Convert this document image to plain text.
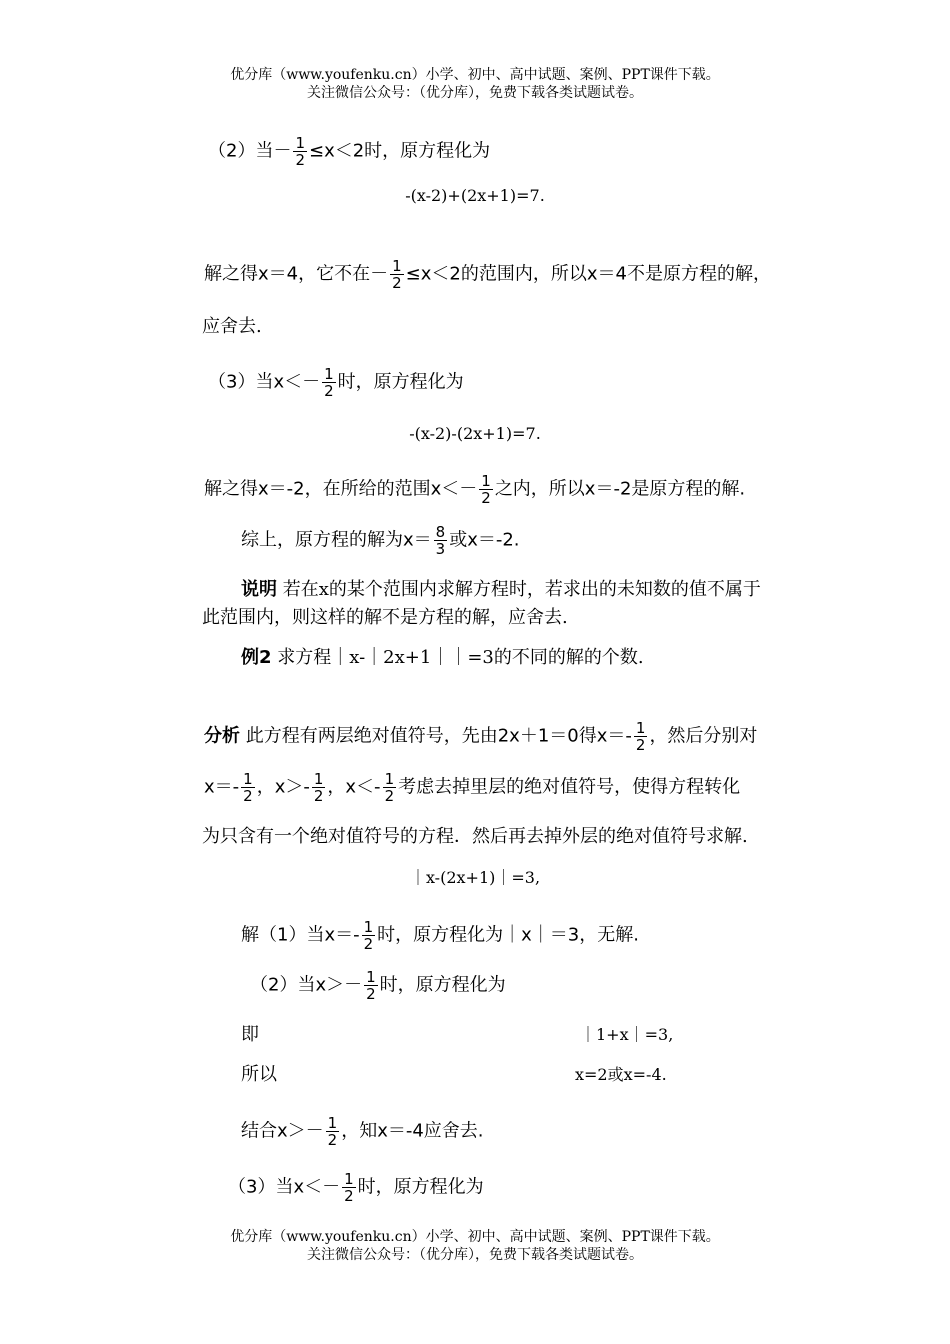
优分库（www.youfenku.cn）小学、初中、高中试题、案例、PPT课件下载。
关注微信公众号：（优分库），免费下载各类试题试卷。
（2）当－ $\frac{1}{2} \le x<2$时，原方程化为
-(x-2)+(2x+1)=7.
解之得x＝4，它不在－ $\frac{1}{2} \le x<2$的范围内，所以x＝4不是原方程的解，
应舍去.
（3）当$x<- \frac{1}{2}$ 时，原方程化为
-(x-2)-(2x+1)=7.
解之得x＝-2，在所给的范围$x<- \frac{1}{2}$ 之内，所以x＝-2是原方程的解.
综上，原方程的解为$x= \frac{8}{3}$ 或x＝-2.
说明 若在x的某个范围内求解方程时，若求出的未知数的值不属于
此范围内，则这样的解不是方程的解，应舍去.
例2 求方程｜x-｜2x+1｜｜=3的不同的解的个数.
分析 此方程有两层绝对值符号，先由2x＋1＝0得$x=- \frac{1}{2}$ ，然后分别对
$x=- \frac{1}{2}$ ，$x>- \frac{1}{2}$ ，$x<- \frac{1}{2}$ 考虑去掉里层的绝对值符号，使得方程转化
为只含有一个绝对值符号的方程．然后再去掉外层的绝对值符号求解.
｜x-(2x+1)｜=3,
解（1）当$x=- \frac{1}{2}$ 时，原方程化为｜x｜＝3，无解.
（2）当$x>- \frac{1}{2}$ 时，原方程化为
即	｜1+x｜=3,
所以	x=2或x=-4.
结合$x>- \frac{1}{2}$ ，知x＝-4应舍去.
（3）当$x<- \frac{1}{2}$ 时，原方程化为
优分库（www.youfenku.cn）小学、初中、高中试题、案例、PPT课件下载。
关注微信公众号：（优分库），免费下载各类试题试卷。
